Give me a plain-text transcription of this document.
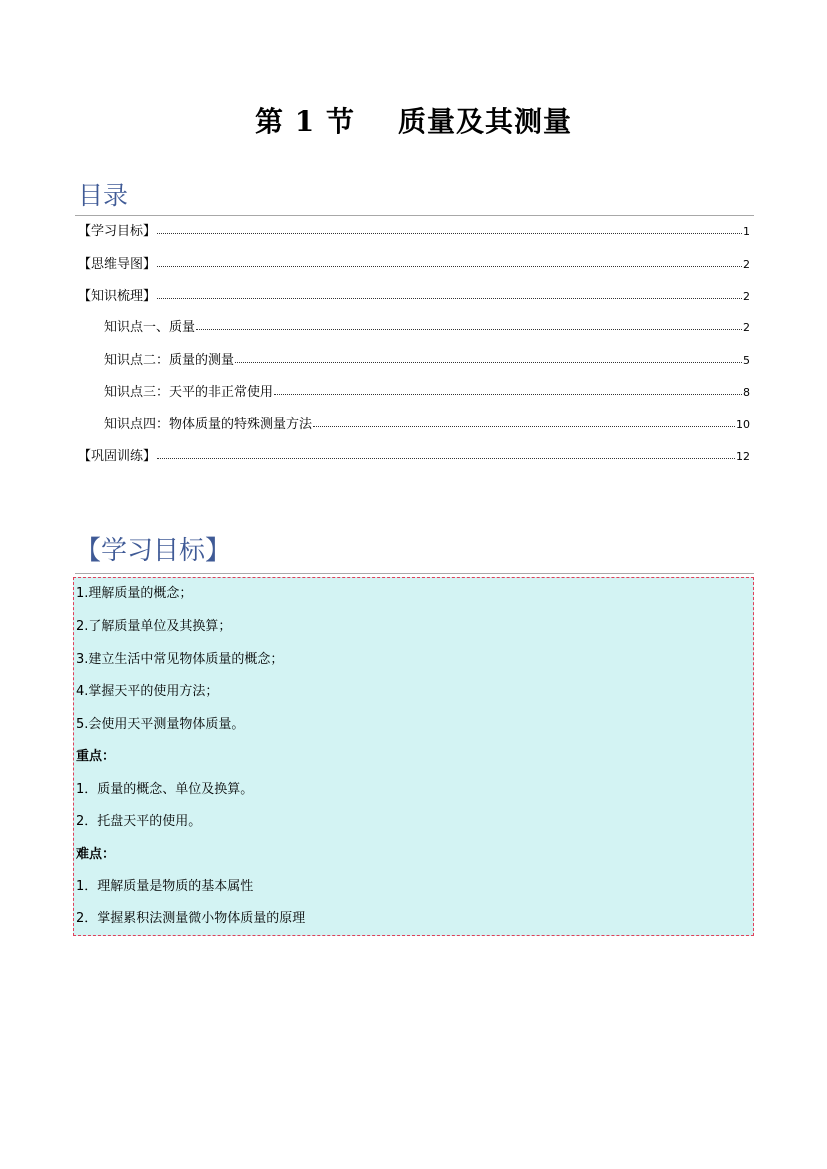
第 1 节    质量及其测量
目录
【学习目标】	1
【思维导图】	2
【知识梳理】	2
知识点一、质量	2
知识点二：质量的测量	5
知识点三：天平的非正常使用	8
知识点四：物体质量的特殊测量方法	10
【巩固训练】	12
【学习目标】
1.理解质量的概念；
2.了解质量单位及其换算；
3.建立生活中常见物体质量的概念；
4.掌握天平的使用方法；
5.会使用天平测量物体质量。
重点：
1．质量的概念、单位及换算。
2．托盘天平的使用。
难点：
1．理解质量是物质的基本属性
2．掌握累积法测量微小物体质量的原理
